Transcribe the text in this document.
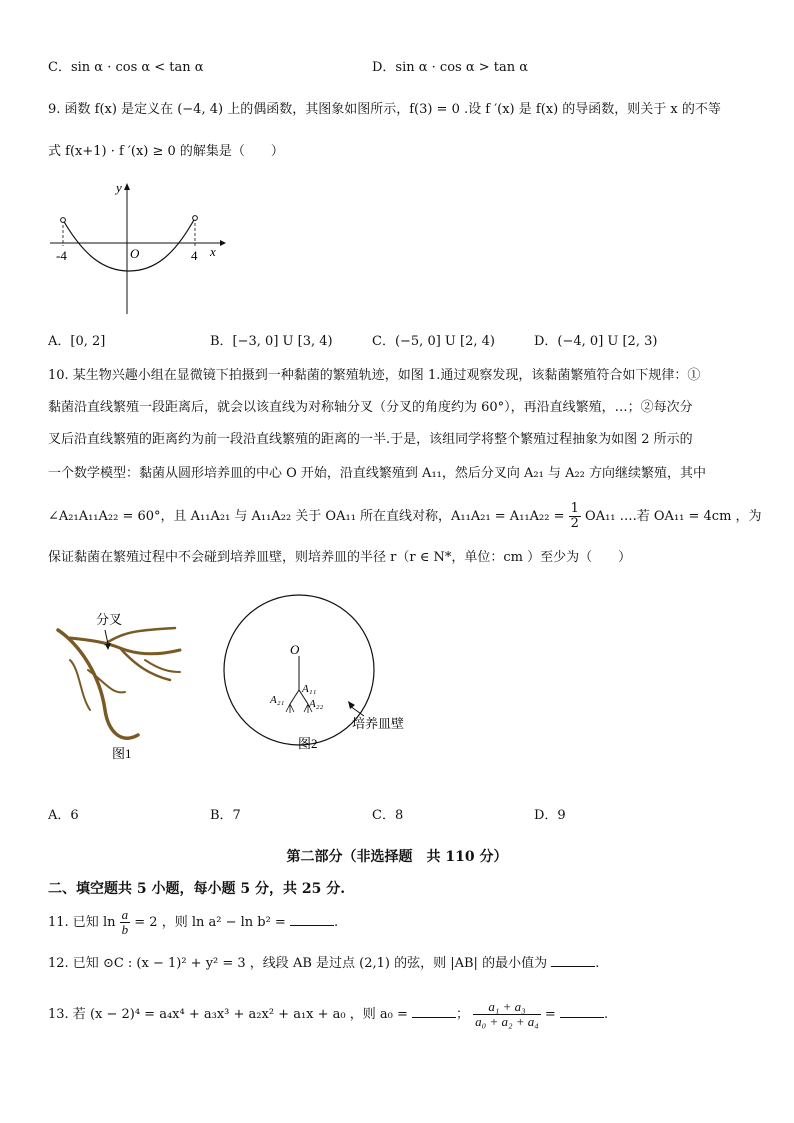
C．sin α · cos α < tan α	D．sin α · cos α > tan α
9. 函数 f(x) 是定义在 (−4, 4) 上的偶函数，其图象如图所示，f(3) = 0 .设 f ′(x) 是 f(x) 的导函数，则关于 x 的不等
式 f(x+1) · f ′(x) ≥ 0 的解集是（　　）
y
x
O
-4	4
A．[0, 2]	B．[−3, 0] U [3, 4)	C．(−5, 0] U [2, 4)	D．(−4, 0] U [2, 3)
10. 某生物兴趣小组在显微镜下拍摄到一种黏菌的繁殖轨迹，如图 1.通过观察发现，该黏菌繁殖符合如下规律：①
黏菌沿直线繁殖一段距离后，就会以该直线为对称轴分叉（分叉的角度约为 60°），再沿直线繁殖，…；②每次分
叉后沿直线繁殖的距离约为前一段沿直线繁殖的距离的一半.于是，该组同学将整个繁殖过程抽象为如图 2 所示的
一个数学模型：黏菌从圆形培养皿的中心 O 开始，沿直线繁殖到 A₁₁，然后分叉向 A₂₁ 与 A₂₂ 方向继续繁殖，其中
∠A₂₁A₁₁A₂₂ = 60°，且 A₁₁A₂₁ 与 A₁₁A₂₂ 关于 OA₁₁ 所在直线对称，$A_{11}A_{21} = A_{11}A_{22} = \frac{1}{2} OA_{11}$ ….若 OA₁₁ = 4cm ，为
保证黏菌在繁殖过程中不会碰到培养皿壁，则培养皿的半径 r（r ∈ N*，单位：cm ）至少为（　　）
分叉
图1
O
A₁₁
A₂₁ A₂₂
培养皿壁
图2
A．6	B．7	C．8	D．9
第二部分（非选择题　共 110 分）
二、填空题共 5 小题，每小题 5 分，共 25 分.
11. 已知 $\ln \frac{a}{b} = 2$ ，则 ln a² − ln b² =	.
12. 已知 ⊙C : (x − 1)² + y² = 3 ，线段 AB 是过点 (2,1) 的弦，则 |AB| 的最小值为	.
13. 若 (x − 2)⁴ = a₄x⁴ + a₃x³ + a₂x² + a₁x + a₀ ，则 a₀ =	； $\frac{\text{a₁ + a₃}}{\text{a₀ + a₂ + a₄}}$ =	.
